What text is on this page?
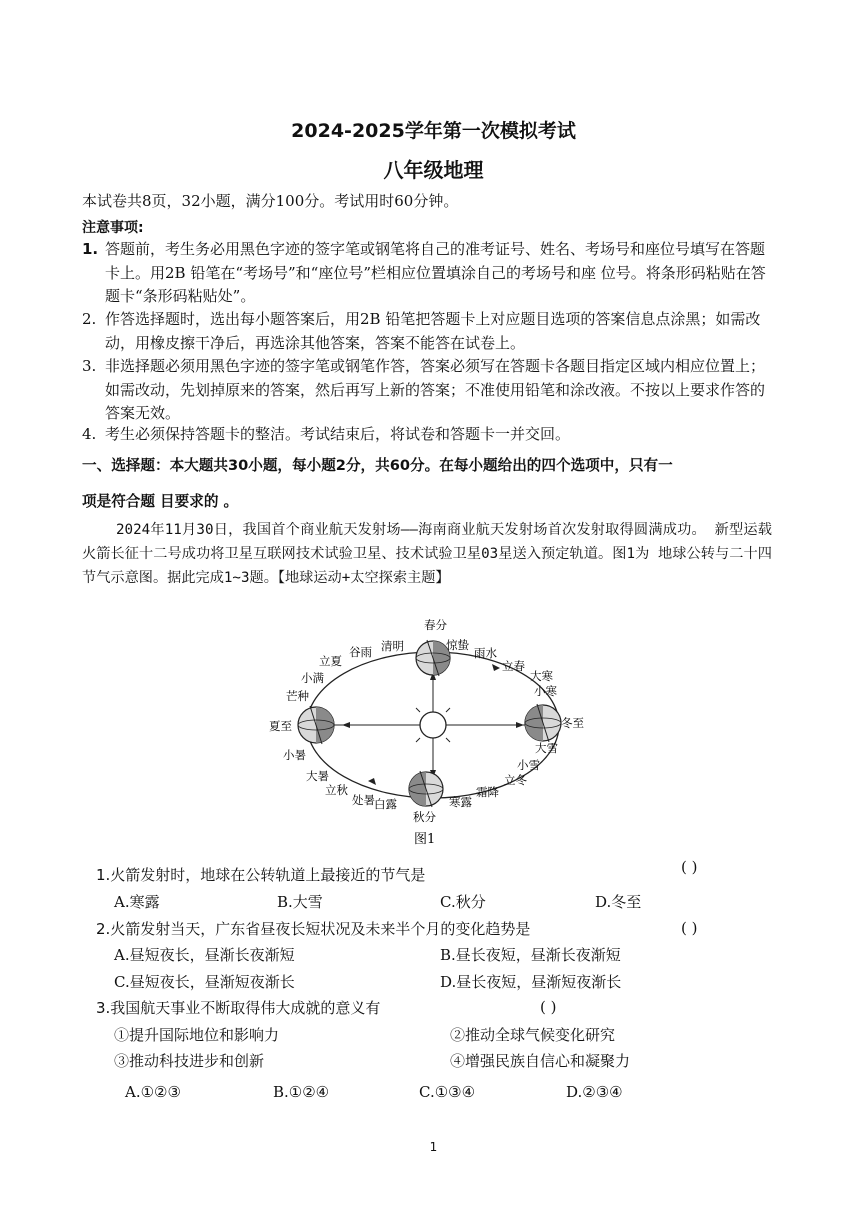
2024-2025学年第一次模拟考试
八年级地理
本试卷共8页，32小题，满分100分。考试用时60分钟。
注意事项:
1. 答题前，考生务必用黑色字迹的签字笔或钢笔将自己的准考证号、姓名、考场号和座位号填写在答题卡上。用2B 铅笔在“考场号”和“座位号”栏相应位置填涂自己的考场号和座 位号。将条形码粘贴在答题卡“条形码粘贴处”。
2. 作答选择题时，选出每小题答案后，用2B 铅笔把答题卡上对应题目选项的答案信息点涂黑；如需改动，用橡皮擦干净后，再选涂其他答案，答案不能答在试卷上。
3. 非选择题必须用黑色字迹的签字笔或钢笔作答，答案必须写在答题卡各题目指定区域内相应位置上；如需改动，先划掉原来的答案，然后再写上新的答案；不准使用铅笔和涂改液。不按以上要求作答的答案无效。
4. 考生必须保持答题卡的整洁。考试结束后，将试卷和答题卡一并交回。
一、选择题：本大题共30小题，每小题2分，共60分。在每小题给出的四个选项中，只有一
项是符合题 目要求的 。
2024年11月30日，我国首个商业航天发射场——海南商业航天发射场首次发射取得圆满成功。 新型运载火箭长征十二号成功将卫星互联网技术试验卫星、技术试验卫星03星送入预定轨道。图1为 地球公转与二十四节气示意图。据此完成1~3题。【地球运动+太空探索主题】
春分
清明
谷雨
立夏
小满
芒种
夏至
小暑
大暑
立秋
处暑 白露
秋分
寒露
霜降
立冬
小雪
大雪
冬至
小寒
大寒
立春
雨水
惊蛰
图1
1.火箭发射时，地球在公转轨道上最接近的节气是	( )
A.寒露	B.大雪	C.秋分	D.冬至
2.火箭发射当天，广东省昼夜长短状况及未来半个月的变化趋势是	( )
A.昼短夜长，昼渐长夜渐短	B.昼长夜短，昼渐长夜渐短
C.昼短夜长，昼渐短夜渐长	D.昼长夜短，昼渐短夜渐长
3.我国航天事业不断取得伟大成就的意义有	( )
①提升国际地位和影响力	②推动全球气候变化研究
③推动科技进步和创新	④增强民族自信心和凝聚力
A.①②③	B.①②④	C.①③④	D.②③④
1
